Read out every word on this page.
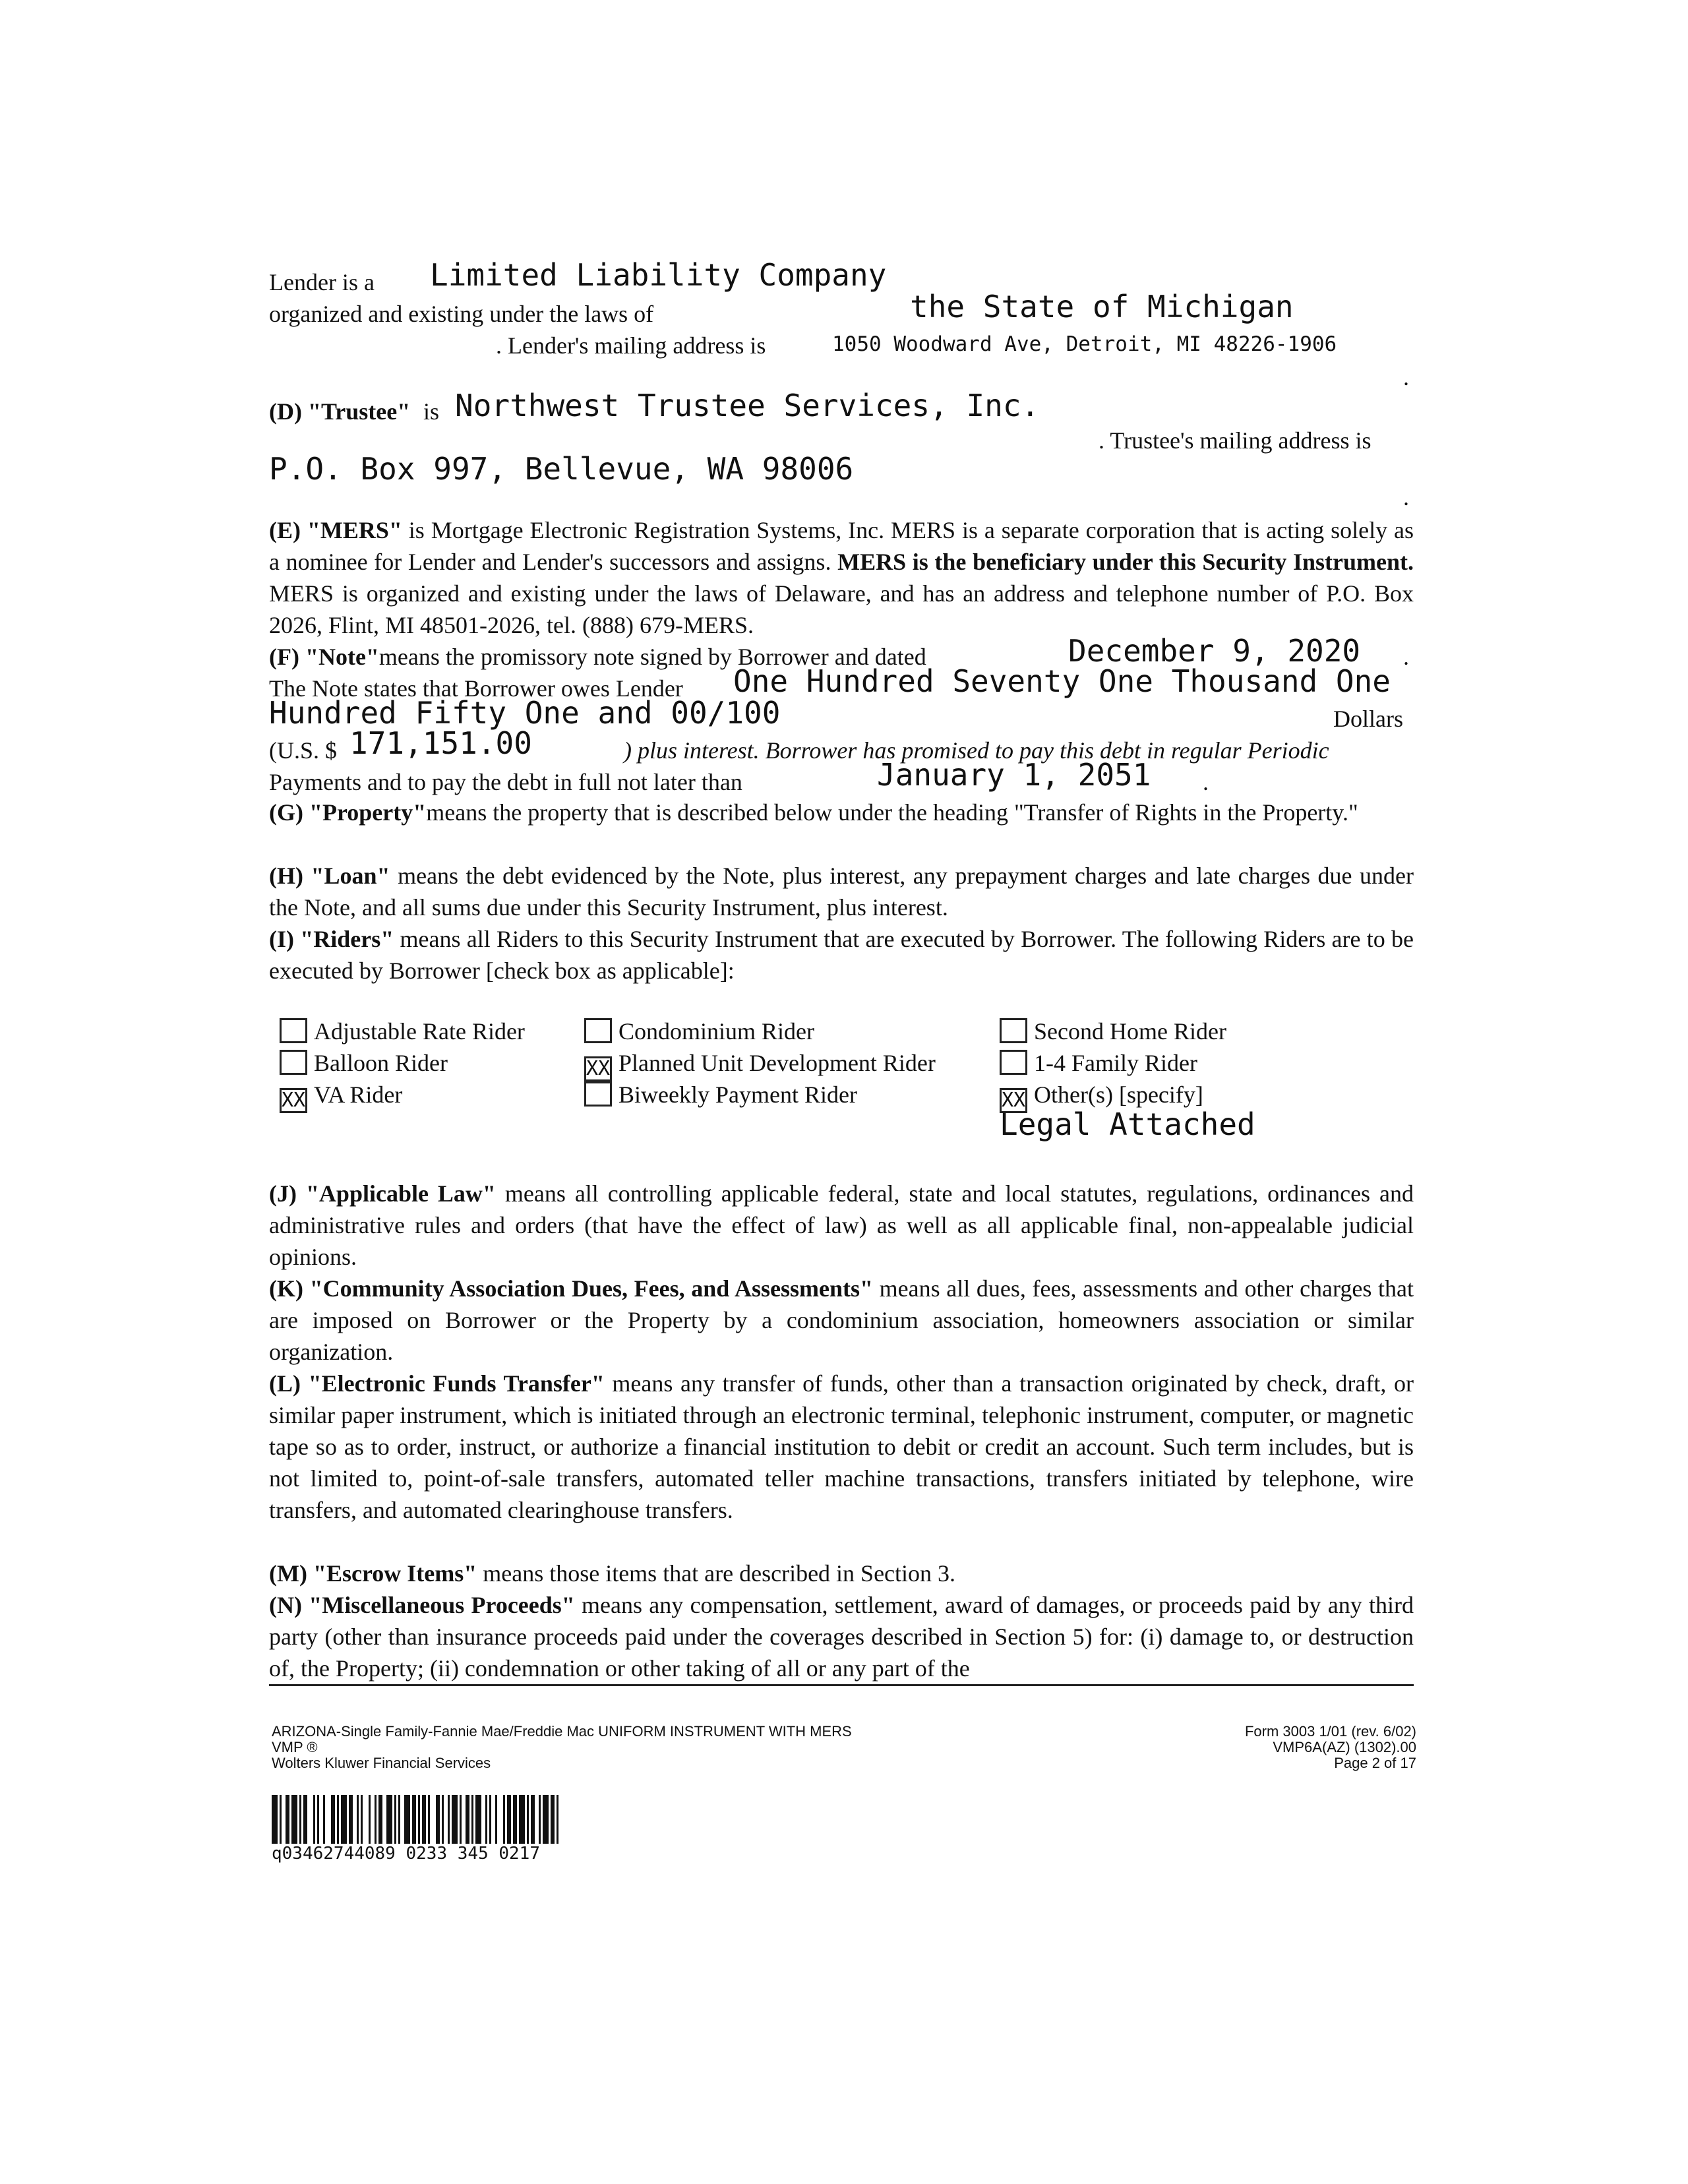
Lender is a Limited Liability Company
organized and existing under the laws of	the State of Michigan
. Lender's mailing address is	1050 Woodward Ave, Detroit, MI 48226-1906
.
(D) "Trustee" is Northwest Trustee Services, Inc.
. Trustee's mailing address is
P.O. Box 997, Bellevue, WA 98006
.
(E) "MERS" is Mortgage Electronic Registration Systems, Inc. MERS is a separate corporation that is acting solely as a nominee for Lender and Lender's successors and assigns. MERS is the beneficiary under this Security Instrument. MERS is organized and existing under the laws of Delaware, and has an address and telephone number of P.O. Box 2026, Flint, MI 48501-2026, tel. (888) 679-MERS.
(F) "Note"means the promissory note signed by Borrower and dated	December 9, 2020 .
The Note states that Borrower owes Lender One Hundred Seventy One Thousand One
Hundred Fifty One and 00/100	Dollars
(U.S. $ 171,151.00	) plus interest. Borrower has promised to pay this debt in regular Periodic
Payments and to pay the debt in full not later than	January 1, 2051 .
(G) "Property"means the property that is described below under the heading "Transfer of Rights in the Property."
(H) "Loan" means the debt evidenced by the Note, plus interest, any prepayment charges and late charges due under the Note, and all sums due under this Security Instrument, plus interest.
(I) "Riders" means all Riders to this Security Instrument that are executed by Borrower. The following Riders are to be executed by Borrower [check box as applicable]:
Adjustable Rate Rider
Balloon Rider
XX VA Rider
Condominium Rider
XX Planned Unit Development Rider
Biweekly Payment Rider
Second Home Rider
1-4 Family Rider
XX Other(s) [specify]
Legal Attached
(J) "Applicable Law" means all controlling applicable federal, state and local statutes, regulations, ordinances and administrative rules and orders (that have the effect of law) as well as all applicable final, non-appealable judicial opinions.
(K) "Community Association Dues, Fees, and Assessments" means all dues, fees, assessments and other charges that are imposed on Borrower or the Property by a condominium association, homeowners association or similar organization.
(L) "Electronic Funds Transfer" means any transfer of funds, other than a transaction originated by check, draft, or similar paper instrument, which is initiated through an electronic terminal, telephonic instrument, computer, or magnetic tape so as to order, instruct, or authorize a financial institution to debit or credit an account. Such term includes, but is not limited to, point-of-sale transfers, automated teller machine transactions, transfers initiated by telephone, wire transfers, and automated clearinghouse transfers.
(M) "Escrow Items" means those items that are described in Section 3.
(N) "Miscellaneous Proceeds" means any compensation, settlement, award of damages, or proceeds paid by any third party (other than insurance proceeds paid under the coverages described in Section 5) for: (i) damage to, or destruction of, the Property; (ii) condemnation or other taking of all or any part of the
ARIZONA-Single Family-Fannie Mae/Freddie Mac UNIFORM INSTRUMENT WITH MERS
VMP ®
Wolters Kluwer Financial Services
Form 3003 1/01 (rev. 6/02)
VMP6A(AZ) (1302).00
Page 2 of 17
q03462744089 0233 345 0217
